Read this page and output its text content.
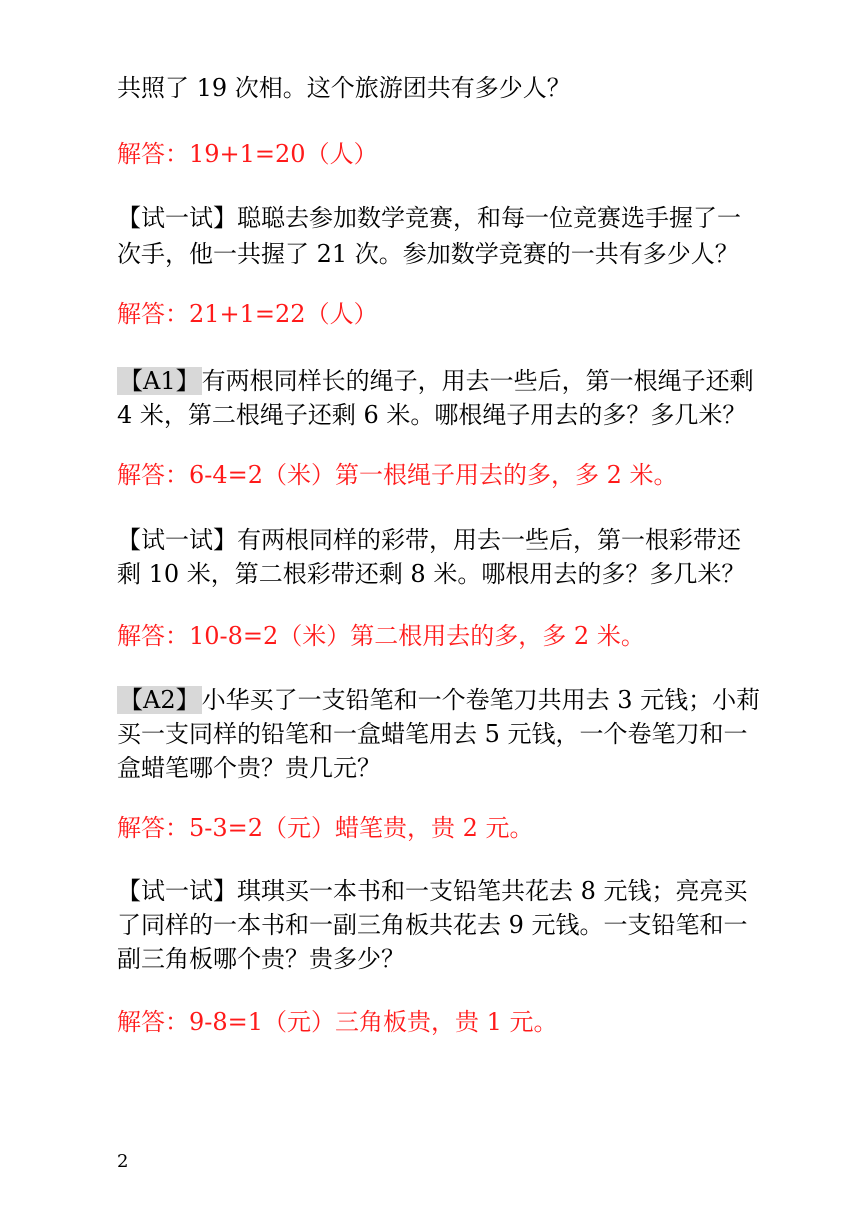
共照了 19 次相。这个旅游团共有多少人？
解答：19+1=20（人）
【试一试】聪聪去参加数学竞赛，和每一位竞赛选手握了一
次手，他一共握了 21 次。参加数学竞赛的一共有多少人？
解答：21+1=22（人）
【A1】有两根同样长的绳子，用去一些后，第一根绳子还剩
4 米，第二根绳子还剩 6 米。哪根绳子用去的多？多几米？
解答：6-4=2（米）第一根绳子用去的多，多 2 米。
【试一试】有两根同样的彩带，用去一些后，第一根彩带还
剩 10 米，第二根彩带还剩 8 米。哪根用去的多？多几米？
解答：10-8=2（米）第二根用去的多，多 2 米。
【A2】小华买了一支铅笔和一个卷笔刀共用去 3 元钱；小莉
买一支同样的铅笔和一盒蜡笔用去 5 元钱，一个卷笔刀和一
盒蜡笔哪个贵？贵几元？
解答：5-3=2（元）蜡笔贵，贵 2 元。
【试一试】琪琪买一本书和一支铅笔共花去 8 元钱；亮亮买
了同样的一本书和一副三角板共花去 9 元钱。一支铅笔和一
副三角板哪个贵？贵多少？
解答：9-8=1（元）三角板贵，贵 1 元。
2
